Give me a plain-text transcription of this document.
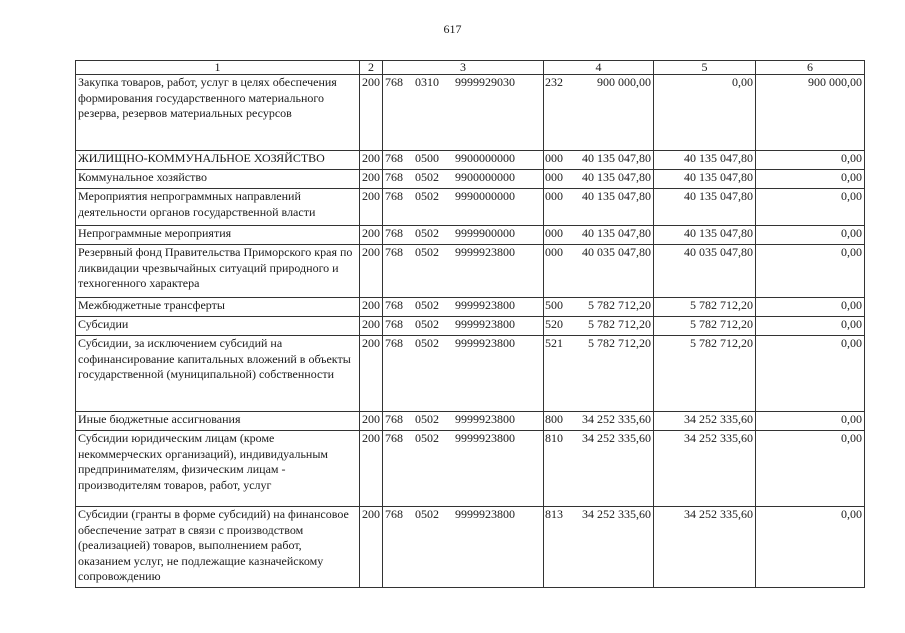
617
1	2	3	4	5	6
Закупка товаров, работ, услуг в целях обеспечения формирования государственного материального резерва, резервов материальных ресурсов	200	768 0310 9999929030 232	900 000,00	0,00	900 000,00
ЖИЛИЩНО-КОММУНАЛЬНОЕ ХОЗЯЙСТВО	200	768 0500 9900000000 000	40 135 047,80	40 135 047,80	0,00
Коммунальное хозяйство	200	768 0502 9900000000 000	40 135 047,80	40 135 047,80	0,00
Мероприятия непрограммных направлений деятельности органов государственной власти	200	768 0502 9990000000 000	40 135 047,80	40 135 047,80	0,00
Непрограммные мероприятия	200	768 0502 9999900000 000	40 135 047,80	40 135 047,80	0,00
Резервный фонд Правительства Приморского края по ликвидации чрезвычайных ситуаций природного и техногенного характера	200	768 0502 9999923800 000	40 035 047,80	40 035 047,80	0,00
Межбюджетные трансферты	200	768 0502 9999923800 500	5 782 712,20	5 782 712,20	0,00
Субсидии	200	768 0502 9999923800 520	5 782 712,20	5 782 712,20	0,00
Субсидии, за исключением субсидий на софинансирование капитальных вложений в объекты государственной (муниципальной) собственности	200	768 0502 9999923800 521	5 782 712,20	5 782 712,20	0,00
Иные бюджетные ассигнования	200	768 0502 9999923800 800	34 252 335,60	34 252 335,60	0,00
Субсидии юридическим лицам (кроме некоммерческих организаций), индивидуальным предпринимателям, физическим лицам - производителям товаров, работ, услуг	200	768 0502 9999923800 810	34 252 335,60	34 252 335,60	0,00
Субсидии (гранты в форме субсидий) на финансовое обеспечение затрат в связи с производством (реализацией) товаров, выполнением работ, оказанием услуг, не подлежащие казначейскому сопровождению	200	768 0502 9999923800 813	34 252 335,60	34 252 335,60	0,00
